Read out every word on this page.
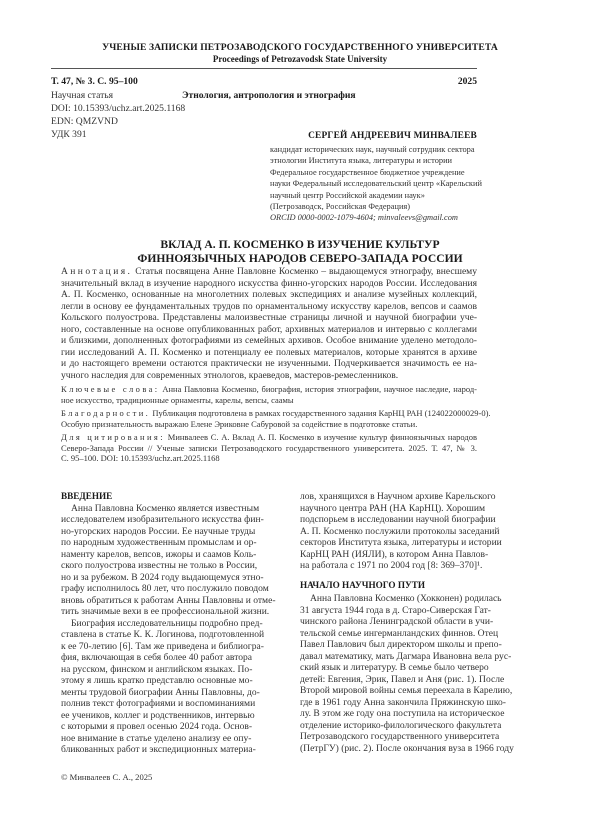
УЧЕНЫЕ ЗАПИСКИ ПЕТРОЗАВОДСКОГО ГОСУДАРСТВЕННОГО УНИВЕРСИТЕТА
Proceedings of Petrozavodsk State University
Т. 47, № 3. С. 95–100	2025
Научная статья	Этнология, антропология и этнография
DOI: 10.15393/uchz.art.2025.1168
EDN: QMZVND
УДК 391	СЕРГЕЙ АНДРЕЕВИЧ МИНВАЛЕЕВ
кандидат исторических наук, научный сотрудник сектора
этнологии Института языка, литературы и истории
Федеральное государственное бюджетное учреждение
науки Федеральный исследовательский центр «Карельский
научный центр Российской академии наук»
(Петрозаводск, Российская Федерация)
ORCID 0000-0002-1079-4604; minvaleevs@gmail.com
ВКЛАД А. П. КОСМЕНКО В ИЗУЧЕНИЕ КУЛЬТУР
ФИННОЯЗЫЧНЫХ НАРОДОВ СЕВЕРО-ЗАПАДА РОССИИ
Аннотация. Статья посвящена Анне Павловне Косменко – выдающемуся этнографу, внесшему
значительный вклад в изучение народного искусства финно-угорских народов России. Исследования
А. П. Косменко, основанные на многолетних полевых экспедициях и анализе музейных коллекций,
легли в основу ее фундаментальных трудов по орнаментальному искусству карелов, вепсов и саамов
Кольского полуострова. Представлены малоизвестные страницы личной и научной биографии уче-
ного, составленные на основе опубликованных работ, архивных материалов и интервью с коллегами
и близкими, дополненных фотографиями из семейных архивов. Особое внимание уделено методоло-
гии исследований А. П. Косменко и потенциалу ее полевых материалов, которые хранятся в архиве
и до настоящего времени остаются практически не изученными. Подчеркивается значимость ее на-
учного наследия для современных этнологов, краеведов, мастеров-ремесленников.
Ключевые слова: Анна Павловна Косменко, биография, история этнографии, научное наследие, народ-
ное искусство, традиционные орнаменты, карелы, вепсы, саамы
Благодарности. Публикация подготовлена в рамках государственного задания КарНЦ РАН (124022000029-0).
Особую признательность выражаю Елене Эриковне Сабуровой за содействие в подготовке статьи.
Для цитирования: Минвалеев С. А. Вклад А. П. Косменко в изучение культур финноязычных народов
Северо-Запада России // Ученые записки Петрозаводского государственного университета. 2025. Т. 47, № 3.
С. 95–100. DOI: 10.15393/uchz.art.2025.1168
ВВЕДЕНИЕ
Анна Павловна Косменко является известным
исследователем изобразительного искусства фин-
но-угорских народов России. Ее научные труды
по народным художественным промыслам и ор-
наменту карелов, вепсов, ижоры и саамов Коль-
ского полуострова известны не только в России,
но и за рубежом. В 2024 году выдающемуся этно-
графу исполнилось 80 лет, что послужило поводом
вновь обратиться к работам Анны Павловны и отме-
тить значимые вехи в ее профессиональной жизни.
Биография исследовательницы подробно пред-
ставлена в статье К. К. Логинова, подготовленной
к ее 70-летию [6]. Там же приведена и библиогра-
фия, включающая в себя более 40 работ автора
на русском, финском и английском языках. По-
этому я лишь кратко представлю основные мо-
менты трудовой биографии Анны Павловны, до-
полнив текст фотографиями и воспоминаниями
ее учеников, коллег и родственников, интервью
с которыми я провел осенью 2024 года. Основ-
ное внимание в статье уделено анализу ее опу-
бликованных работ и экспедиционных материа-
лов, хранящихся в Научном архиве Карельского
научного центра РАН (НА КарНЦ). Хорошим
подспорьем в исследовании научной биографии
А. П. Косменко послужили протоколы заседаний
секторов Института языка, литературы и истории
КарНЦ РАН (ИЯЛИ), в котором Анна Павлов-
на работала с 1971 по 2004 год [8: 369–370]¹.
НАЧАЛО НАУЧНОГО ПУТИ
Анна Павловна Косменко (Хокконен) родилась
31 августа 1944 года в д. Старо-Сиверская Гат-
чинского района Ленинградской области в учи-
тельской семье ингерманландских финнов. Отец
Павел Павлович был директором школы и препо-
давал математику, мать Дагмара Ивановна вела рус-
ский язык и литературу. В семье было четверо
детей: Евгения, Эрик, Павел и Аня (рис. 1). После
Второй мировой войны семья переехала в Карелию,
где в 1961 году Анна закончила Пряжинскую шко-
лу. В этом же году она поступила на историческое
отделение историко-филологического факультета
Петрозаводского государственного университета
(ПетрГУ) (рис. 2). После окончания вуза в 1966 году
© Минвалеев С. А., 2025
